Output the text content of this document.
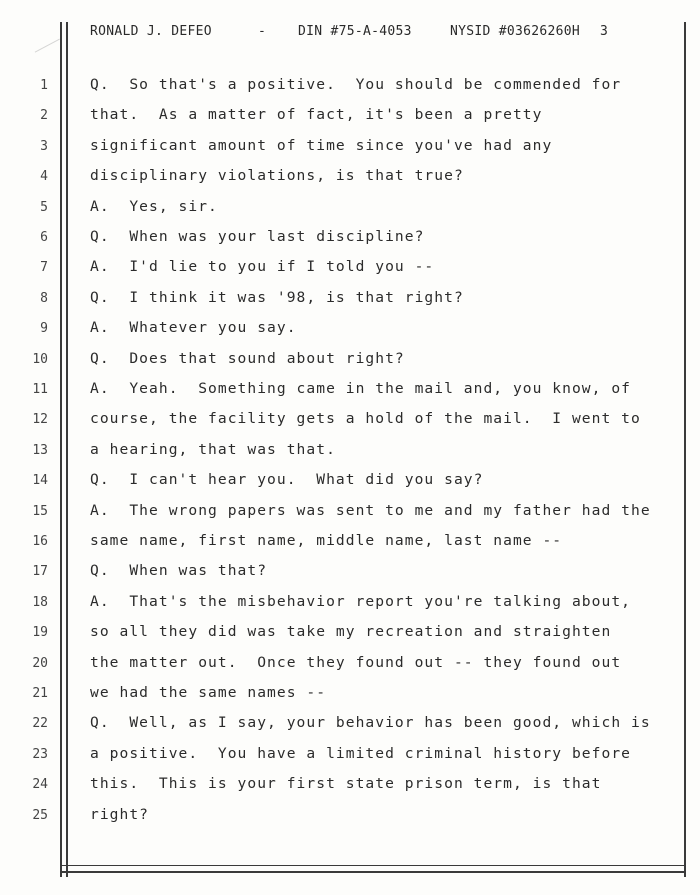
RONALD J. DEFEO	- DIN #75-A-4053	NYSID #03626260H 3
1
2
3
4
5
6
7
8
9
10
11
12
13
14
15
16
17
18
19
20
21
22
23
24
25
Q.  So that's a positive.  You should be commended for
that.  As a matter of fact, it's been a pretty
significant amount of time since you've had any
disciplinary violations, is that true?
A.  Yes, sir.
Q.  When was your last discipline?
A.  I'd lie to you if I told you --
Q.  I think it was '98, is that right?
A.  Whatever you say.
Q.  Does that sound about right?
A.  Yeah.  Something came in the mail and, you know, of
course, the facility gets a hold of the mail.  I went to
a hearing, that was that.
Q.  I can't hear you.  What did you say?
A.  The wrong papers was sent to me and my father had the
same name, first name, middle name, last name --
Q.  When was that?
A.  That's the misbehavior report you're talking about,
so all they did was take my recreation and straighten
the matter out.  Once they found out -- they found out
we had the same names --
Q.  Well, as I say, your behavior has been good, which is
a positive.  You have a limited criminal history before
this.  This is your first state prison term, is that
right?
